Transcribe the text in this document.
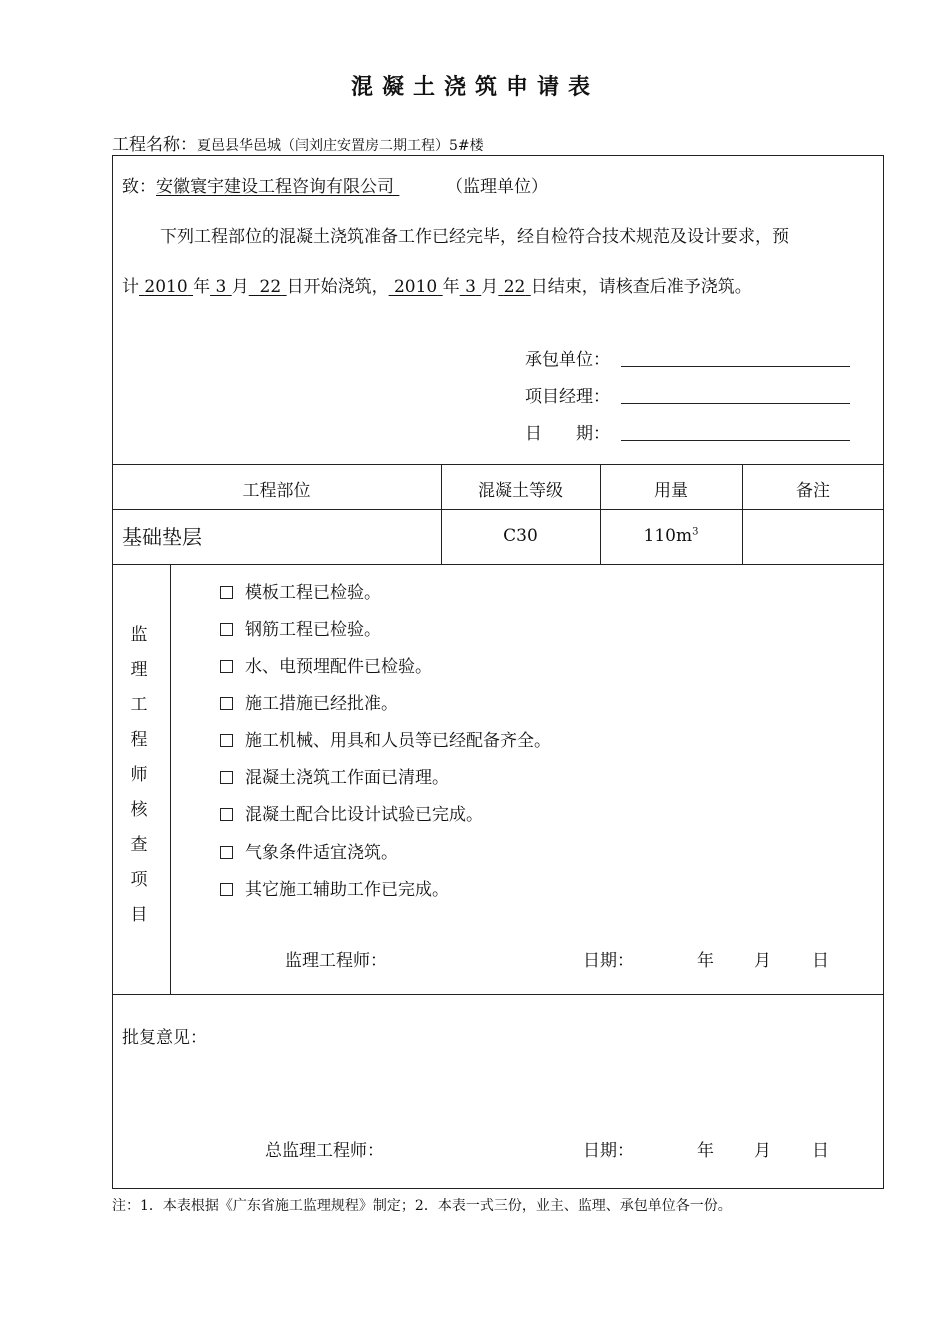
混凝土浇筑申请表
工程名称：夏邑县华邑城（闫刘庄安置房二期工程）5#楼
致：安徽寰宇建设工程咨询有限公司	（监理单位）
下列工程部位的混凝土浇筑准备工作已经完毕，经自检符合技术规范及设计要求，预
计 2010 年 3 月 22 日开始浇筑， 2010 年 3 月 22 日结束，请核查后准予浇筑。
承包单位：
项目经理：
日　　期：
工程部位	混凝土等级	用量	备注
基础垫层	C30	$110m^3$
监
理
工
程
师
核
查
项
目
模板工程已检验。
钢筋工程已检验。
水、电预埋配件已检验。
施工措施已经批准。
施工机械、用具和人员等已经配备齐全。
混凝土浇筑工作面已清理。
混凝土配合比设计试验已完成。
气象条件适宜浇筑。
其它施工辅助工作已完成。
监理工程师：	日期：	年 月 日
批复意见：
总监理工程师：	日期：	年 月 日
注：1．本表根据《广东省施工监理规程》制定；2．本表一式三份，业主、监理、承包单位各一份。
